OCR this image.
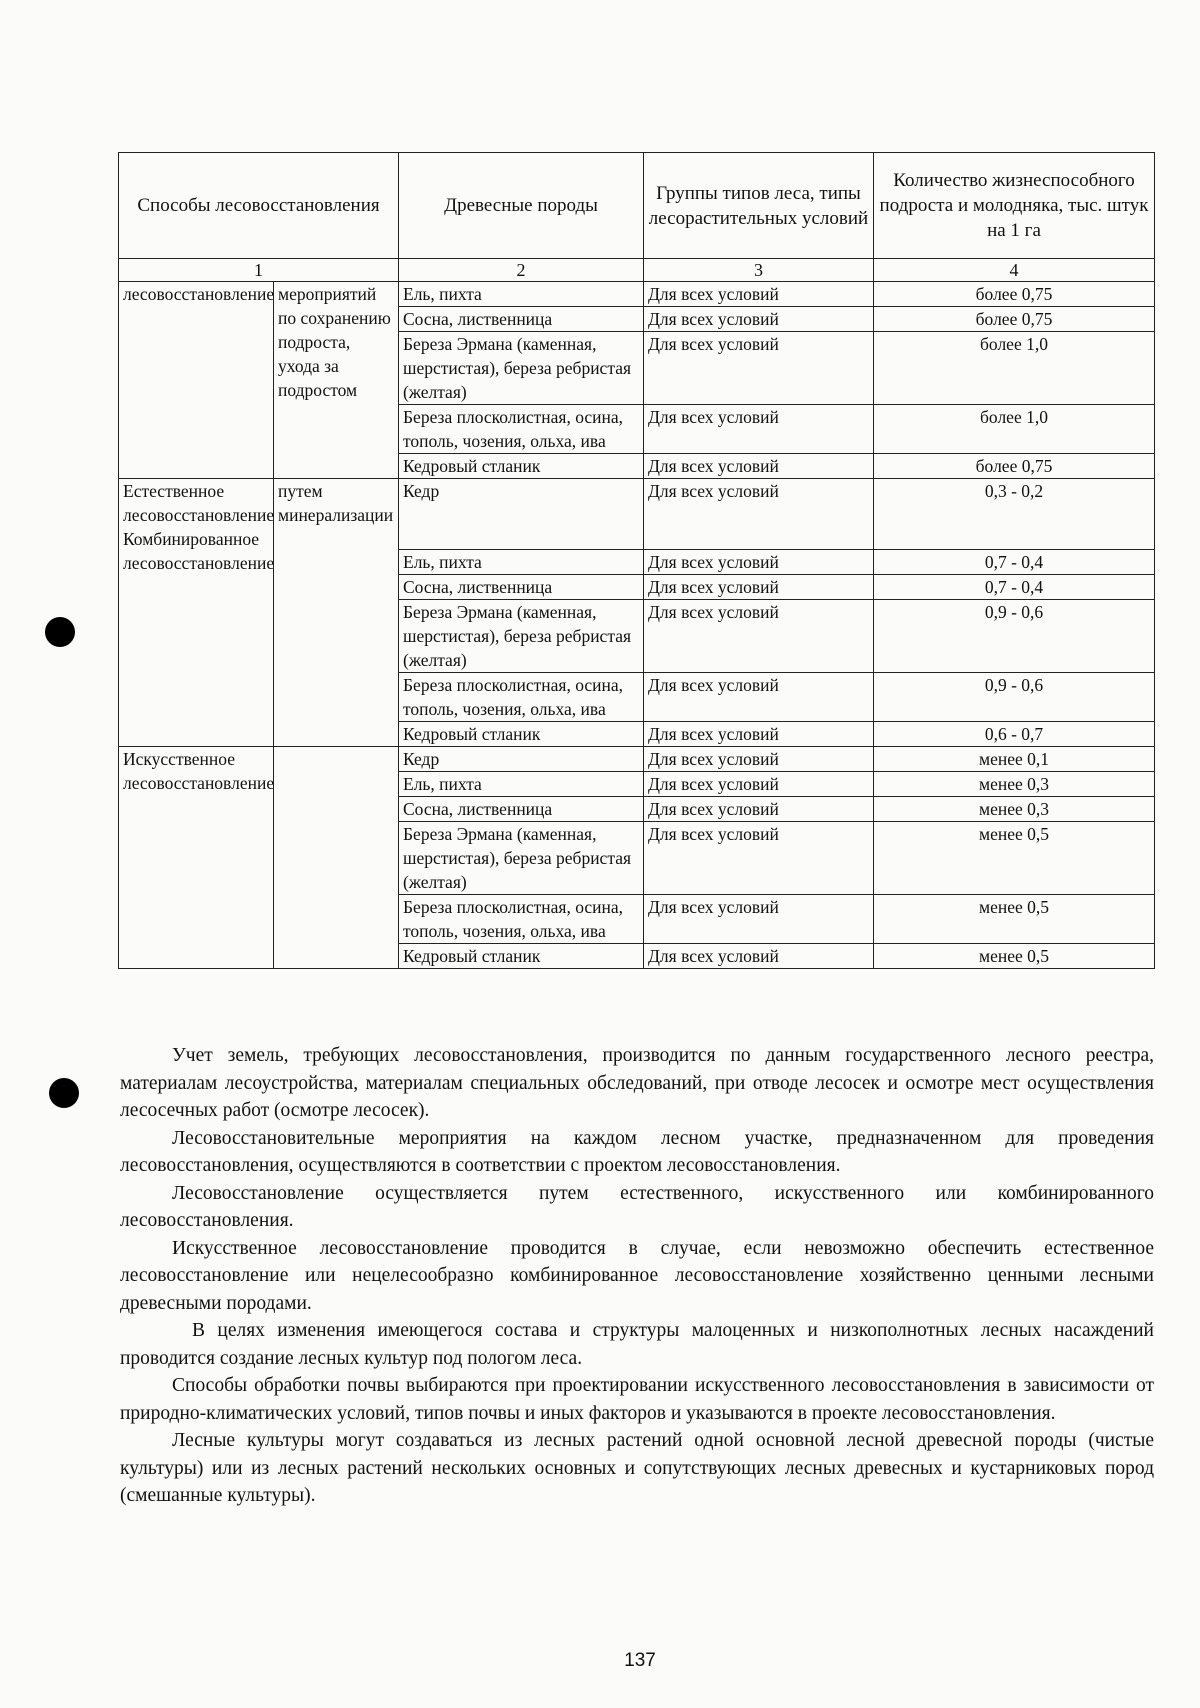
Способы лесовосстановления		Древесные породы	Группы типов леса, типы лесорастительных условий	Количество жизнеспособного подроста и молодняка, тыс. штук на 1 га
1		2	3	4
лесовосстановление	мероприятий по сохранению подроста, ухода за подростом	Ель, пихта	Для всех условий	более 0,75
		Сосна, лиственница	Для всех условий	более 0,75
		Береза Эрмана (каменная, шерстистая), береза ребристая (желтая)	Для всех условий	более 1,0
		Береза плосколистная, осина, тополь, чозения, ольха, ива	Для всех условий	более 1,0
		Кедровый стланик	Для всех условий	более 0,75
Естественное лесовосстановление Комбинированное лесовосстановление	путем минерализации	Кедр	Для всех условий	0,3 - 0,2
		Ель, пихта	Для всех условий	0,7 - 0,4
		Сосна, лиственница	Для всех условий	0,7 - 0,4
		Береза Эрмана (каменная, шерстистая), береза ребристая (желтая)	Для всех условий	0,9 - 0,6
		Береза плосколистная, осина, тополь, чозения, ольха, ива	Для всех условий	0,9 - 0,6
		Кедровый стланик	Для всех условий	0,6 - 0,7
Искусственное лесовосстановление		Кедр	Для всех условий	менее 0,1
		Ель, пихта	Для всех условий	менее 0,3
		Сосна, лиственница	Для всех условий	менее 0,3
		Береза Эрмана (каменная, шерстистая), береза ребристая (желтая)	Для всех условий	менее 0,5
		Береза плосколистная, осина, тополь, чозения, ольха, ива	Для всех условий	менее 0,5
		Кедровый стланик	Для всех условий	менее 0,5

Учет земель, требующих лесовосстановления, производится по данным государственного лесного реестра, материалам лесоустройства, материалам специальных обследований, при отводе лесосек и осмотре мест осуществления лесосечных работ (осмотре лесосек).

Лесовосстановительные мероприятия на каждом лесном участке, предназначенном для проведения лесовосстановления, осуществляются в соответствии с проектом лесовосстановления.

Лесовосстановление осуществляется путем естественного, искусственного или комбинированного лесовосстановления.

Искусственное лесовосстановление проводится в случае, если невозможно обеспечить естественное лесовосстановление или нецелесообразно комбинированное лесовосстановление хозяйственно ценными лесными древесными породами.

В целях изменения имеющегося состава и структуры малоценных и низкополнотных лесных насаждений проводится создание лесных культур под пологом леса.

Способы обработки почвы выбираются при проектировании искусственного лесовосстановления в зависимости от природно-климатических условий, типов почвы и иных факторов и указываются в проекте лесовосстановления.

Лесные культуры могут создаваться из лесных растений одной основной лесной древесной породы (чистые культуры) или из лесных растений нескольких основных и сопутствующих лесных древесных и кустарниковых пород (смешанные культуры).

137
